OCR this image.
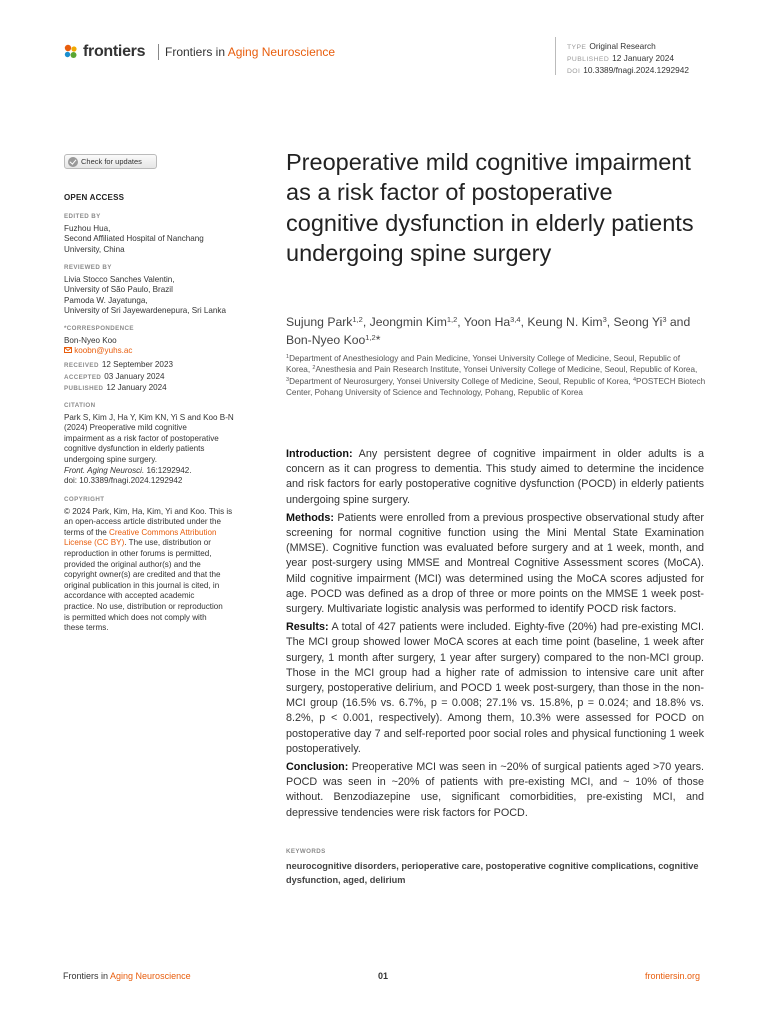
frontiers Frontiers in Aging Neuroscience	TYPE Original Research
PUBLISHED 12 January 2024
DOI 10.3389/fnagi.2024.1292942
Check for updates
OPEN ACCESS
EDITED BY
Fuzhou Hua,
Second Affiliated Hospital of Nanchang
University, China
REVIEWED BY
Livia Stocco Sanches Valentin,
University of São Paulo, Brazil
Pamoda W. Jayatunga,
University of Sri Jayewardenepura, Sri Lanka
*CORRESPONDENCE
Bon-Nyeo Koo
koobn@yuhs.ac
RECEIVED 12 September 2023
ACCEPTED 03 January 2024
PUBLISHED 12 January 2024
CITATION
Park S, Kim J, Ha Y, Kim KN, Yi S and Koo B-N
(2024) Preoperative mild cognitive
impairment as a risk factor of postoperative
cognitive dysfunction in elderly patients
undergoing spine surgery.
Front. Aging Neurosci. 16:1292942.
doi: 10.3389/fnagi.2024.1292942
COPYRIGHT
© 2024 Park, Kim, Ha, Kim, Yi and Koo. This is
an open-access article distributed under the
terms of the Creative Commons Attribution
License (CC BY). The use, distribution or
reproduction in other forums is permitted,
provided the original author(s) and the
copyright owner(s) are credited and that the
original publication in this journal is cited, in
accordance with accepted academic
practice. No use, distribution or reproduction
is permitted which does not comply with
these terms.
Preoperative mild cognitive impairment as a risk factor of postoperative cognitive dysfunction in elderly patients undergoing spine surgery
Sujung Park$^{1,2}$, Jeongmin Kim$^{1,2}$, Yoon Ha$^{3,4}$, Keung N. Kim$^3$, Seong Yi$^3$ and Bon-Nyeo Koo$^{1,2}$*
$^1$Department of Anesthesiology and Pain Medicine, Yonsei University College of Medicine, Seoul, Republic of Korea, $^2$Anesthesia and Pain Research Institute, Yonsei University College of Medicine, Seoul, Republic of Korea, $^3$Department of Neurosurgery, Yonsei University College of Medicine, Seoul, Republic of Korea, $^4$POSTECH Biotech Center, Pohang University of Science and Technology, Pohang, Republic of Korea

Introduction: Any persistent degree of cognitive impairment in older adults is a concern as it can progress to dementia. This study aimed to determine the incidence and risk factors for early postoperative cognitive dysfunction (POCD) in elderly patients undergoing spine surgery.

Methods: Patients were enrolled from a previous prospective observational study after screening for normal cognitive function using the Mini Mental State Examination (MMSE). Cognitive function was evaluated before surgery and at 1 week, month, and year post-surgery using MMSE and Montreal Cognitive Assessment scores (MoCA). Mild cognitive impairment (MCI) was determined using the MoCA scores adjusted for age. POCD was defined as a drop of three or more points on the MMSE 1 week post-surgery. Multivariate logistic analysis was performed to identify POCD risk factors.

Results: A total of 427 patients were included. Eighty-five (20%) had pre-existing MCI. The MCI group showed lower MoCA scores at each time point (baseline, 1 week after surgery, 1 month after surgery, 1 year after surgery) compared to the non-MCI group. Those in the MCI group had a higher rate of admission to intensive care unit after surgery, postoperative delirium, and POCD 1 week post-surgery, than those in the non-MCI group (16.5% vs. 6.7%, p = 0.008; 27.1% vs. 15.8%, p = 0.024; and 18.8% vs. 8.2%, p < 0.001, respectively). Among them, 10.3% were assessed for POCD on postoperative day 7 and self-reported poor social roles and physical functioning 1 week postoperatively.

Conclusion: Preoperative MCI was seen in ~20% of surgical patients aged >70 years. POCD was seen in ~20% of patients with pre-existing MCI, and ~ 10% of those without. Benzodiazepine use, significant comorbidities, pre-existing MCI, and depressive tendencies were risk factors for POCD.

KEYWORDS
neurocognitive disorders, perioperative care, postoperative cognitive complications, cognitive dysfunction, aged, delirium
Frontiers in Aging Neuroscience	01	frontiersin.org
